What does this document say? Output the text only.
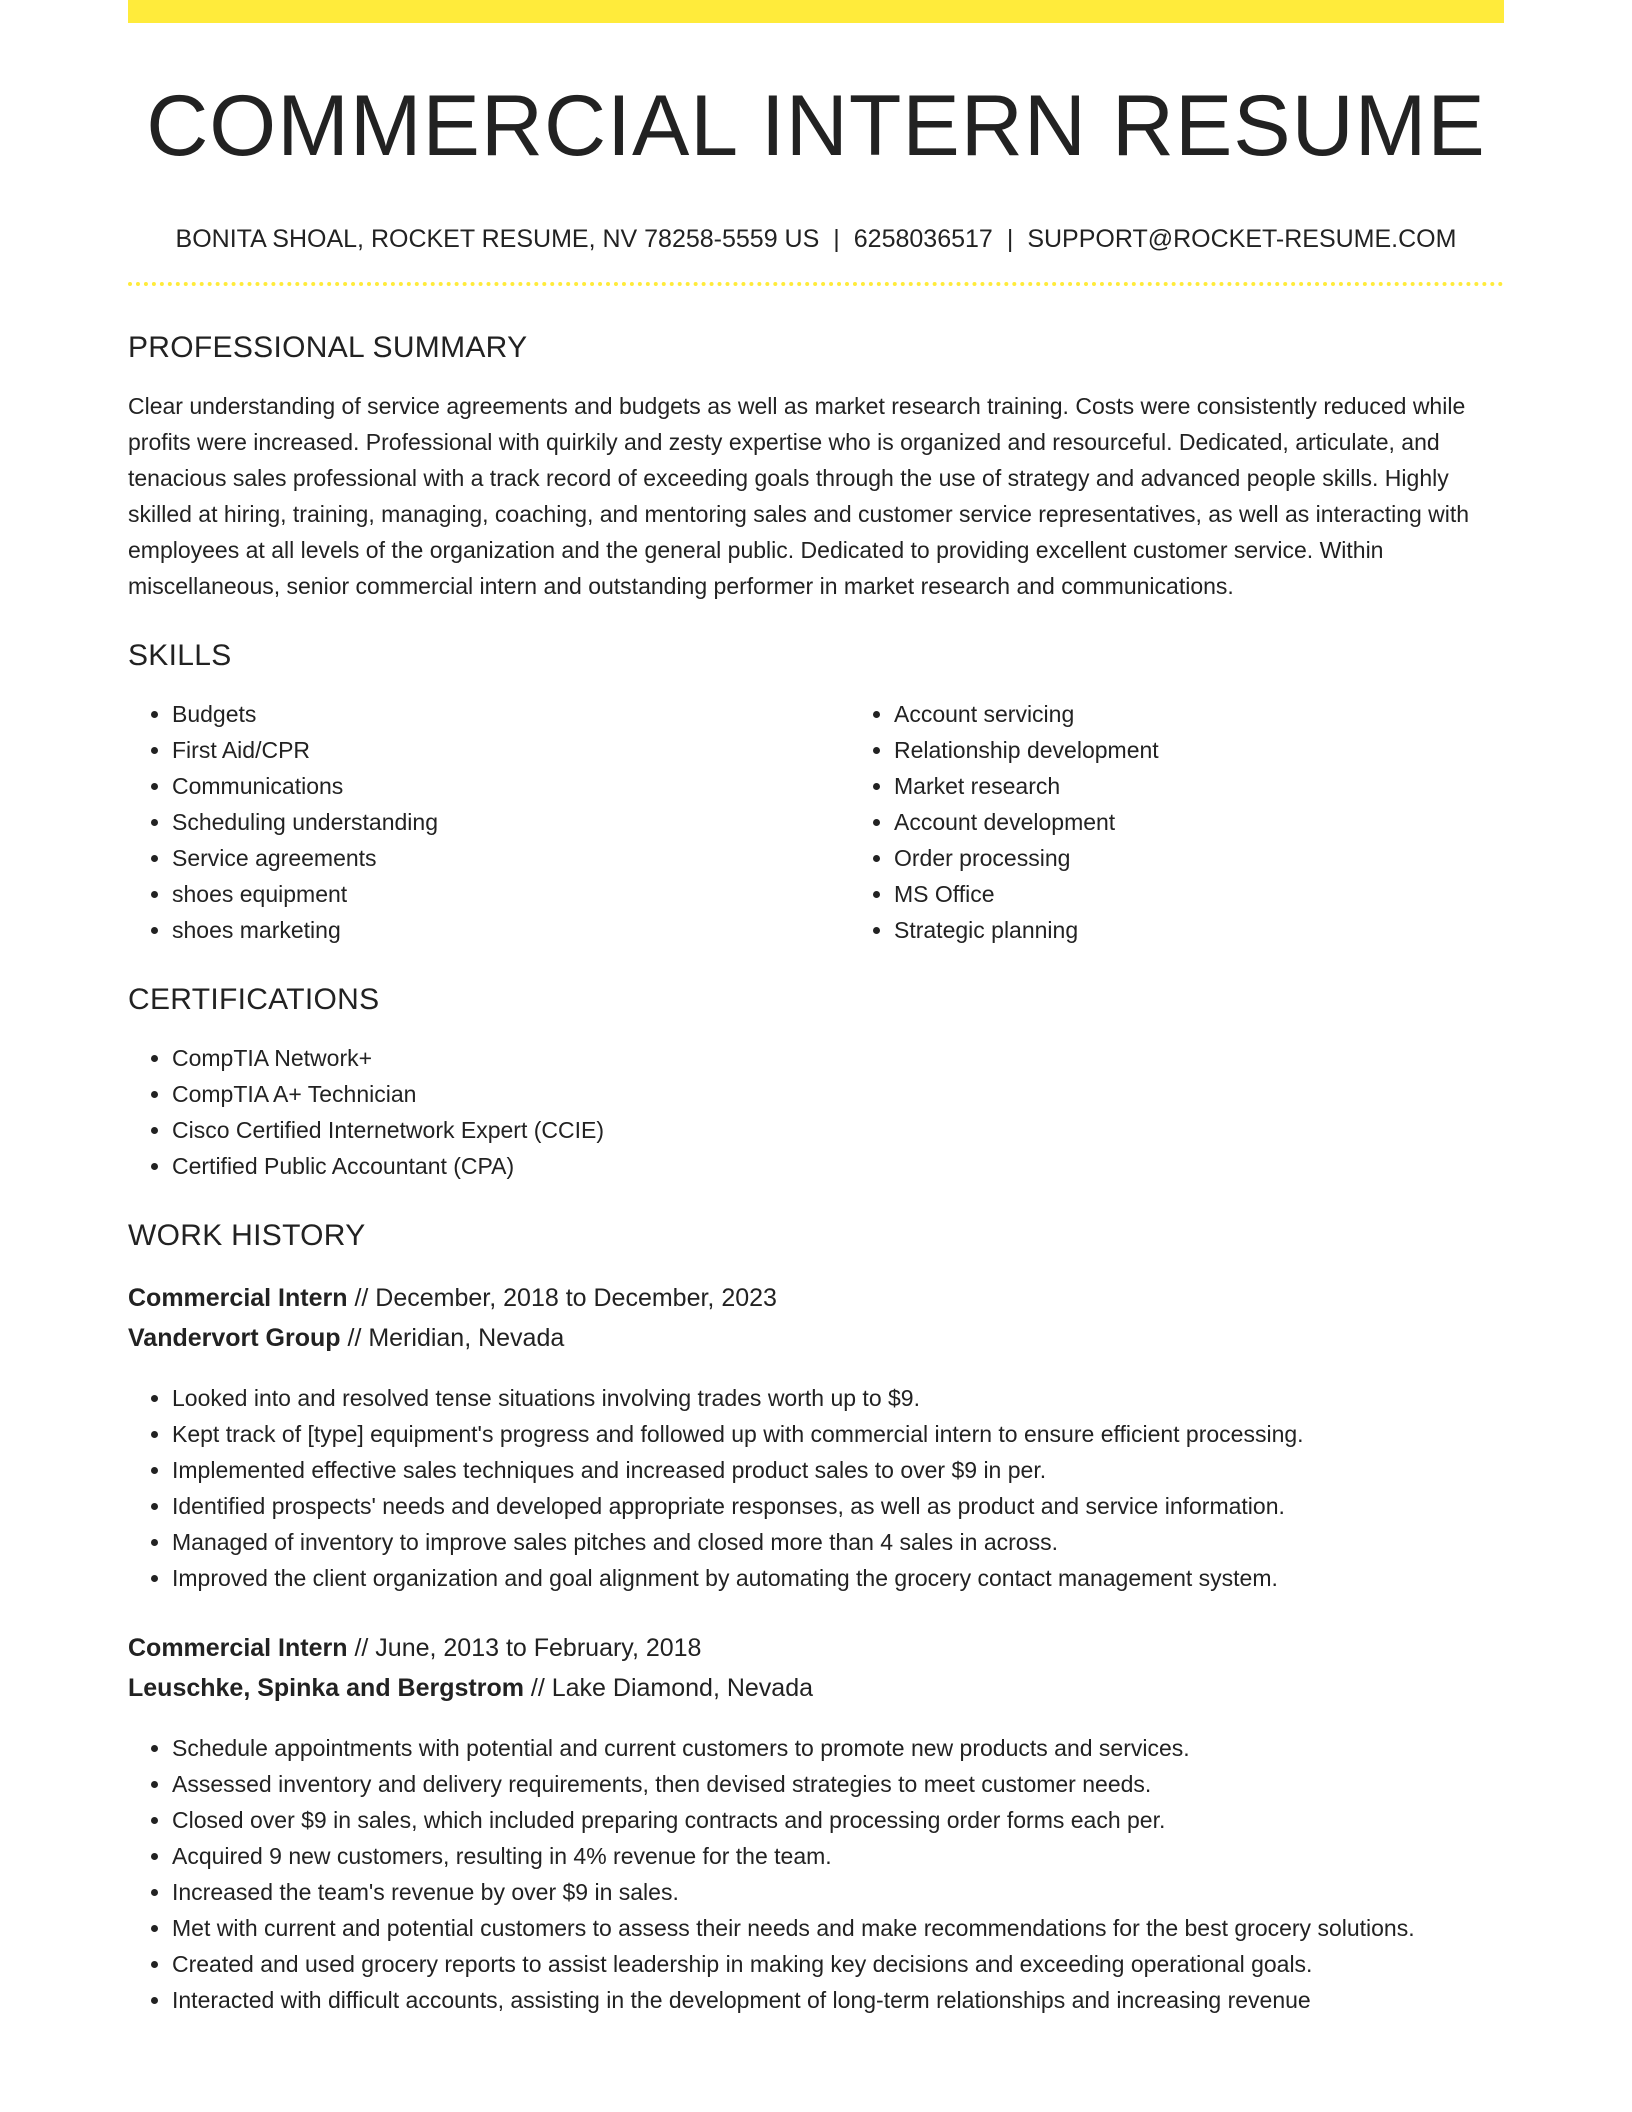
COMMERCIAL INTERN RESUME
BONITA SHOAL, ROCKET RESUME, NV 78258-5559 US | 6258036517 | SUPPORT@ROCKET-RESUME.COM
PROFESSIONAL SUMMARY

Clear understanding of service agreements and budgets as well as market research training. Costs were consistently reduced while profits were increased. Professional with quirkily and zesty expertise who is organized and resourceful. Dedicated, articulate, and tenacious sales professional with a track record of exceeding goals through the use of strategy and advanced people skills. Highly skilled at hiring, training, managing, coaching, and mentoring sales and customer service representatives, as well as interacting with employees at all levels of the organization and the general public. Dedicated to providing excellent customer service. Within miscellaneous, senior commercial intern and outstanding performer in market research and communications.

SKILLS
• Budgets
• First Aid/CPR
• Communications
• Scheduling understanding
• Service agreements
• shoes equipment
• shoes marketing
• Account servicing
• Relationship development
• Market research
• Account development
• Order processing
• MS Office
• Strategic planning
CERTIFICATIONS
• CompTIA Network+
• CompTIA A+ Technician
• Cisco Certified Internetwork Expert (CCIE)
• Certified Public Accountant (CPA)
WORK HISTORY
Commercial Intern // December, 2018 to December, 2023
Vandervort Group // Meridian, Nevada
• Looked into and resolved tense situations involving trades worth up to $9.
• Kept track of [type] equipment's progress and followed up with commercial intern to ensure efficient processing.
• Implemented effective sales techniques and increased product sales to over $9 in per.
• Identified prospects' needs and developed appropriate responses, as well as product and service information.
• Managed of inventory to improve sales pitches and closed more than 4 sales in across.
• Improved the client organization and goal alignment by automating the grocery contact management system.
Commercial Intern // June, 2013 to February, 2018
Leuschke, Spinka and Bergstrom // Lake Diamond, Nevada
• Schedule appointments with potential and current customers to promote new products and services.
• Assessed inventory and delivery requirements, then devised strategies to meet customer needs.
• Closed over $9 in sales, which included preparing contracts and processing order forms each per.
• Acquired 9 new customers, resulting in 4% revenue for the team.
• Increased the team's revenue by over $9 in sales.
• Met with current and potential customers to assess their needs and make recommendations for the best grocery solutions.
• Created and used grocery reports to assist leadership in making key decisions and exceeding operational goals.
• Interacted with difficult accounts, assisting in the development of long-term relationships and increasing revenue
